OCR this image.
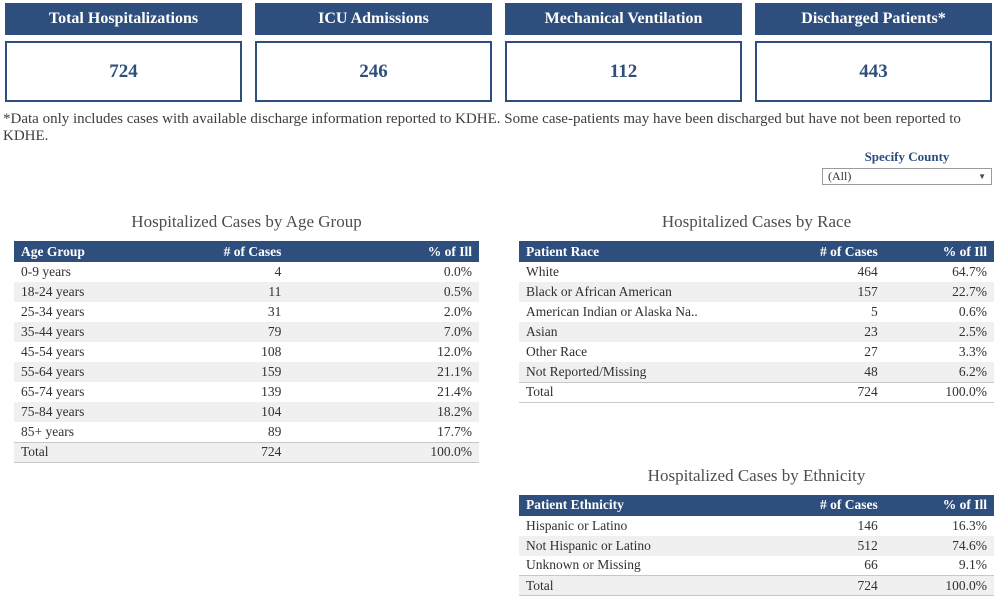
Total Hospitalizations
724
ICU Admissions
246
Mechanical Ventilation
112
Discharged Patients*
443
*Data only includes cases with available discharge information reported to KDHE. Some case-patients may have been discharged but have not been reported to KDHE.
Specify County
(All)	▼
Hospitalized Cases by Age Group
Age Group	# of Cases	% of Ill
0-9 years	4	0.0%
18-24 years	11	0.5%
25-34 years	31	2.0%
35-44 years	79	7.0%
45-54 years	108	12.0%
55-64 years	159	21.1%
65-74 years	139	21.4%
75-84 years	104	18.2%
85+ years	89	17.7%
Total	724	100.0%
Hospitalized Cases by Race
Patient Race	# of Cases	% of Ill
White	464	64.7%
Black or African American	157	22.7%
American Indian or Alaska Na..	5	0.6%
Asian	23	2.5%
Other Race	27	3.3%
Not Reported/Missing	48	6.2%
Total	724	100.0%
Hospitalized Cases by Ethnicity
Patient Ethnicity	# of Cases	% of Ill
Hispanic or Latino	146	16.3%
Not Hispanic or Latino	512	74.6%
Unknown or Missing	66	9.1%
Total	724	100.0%
